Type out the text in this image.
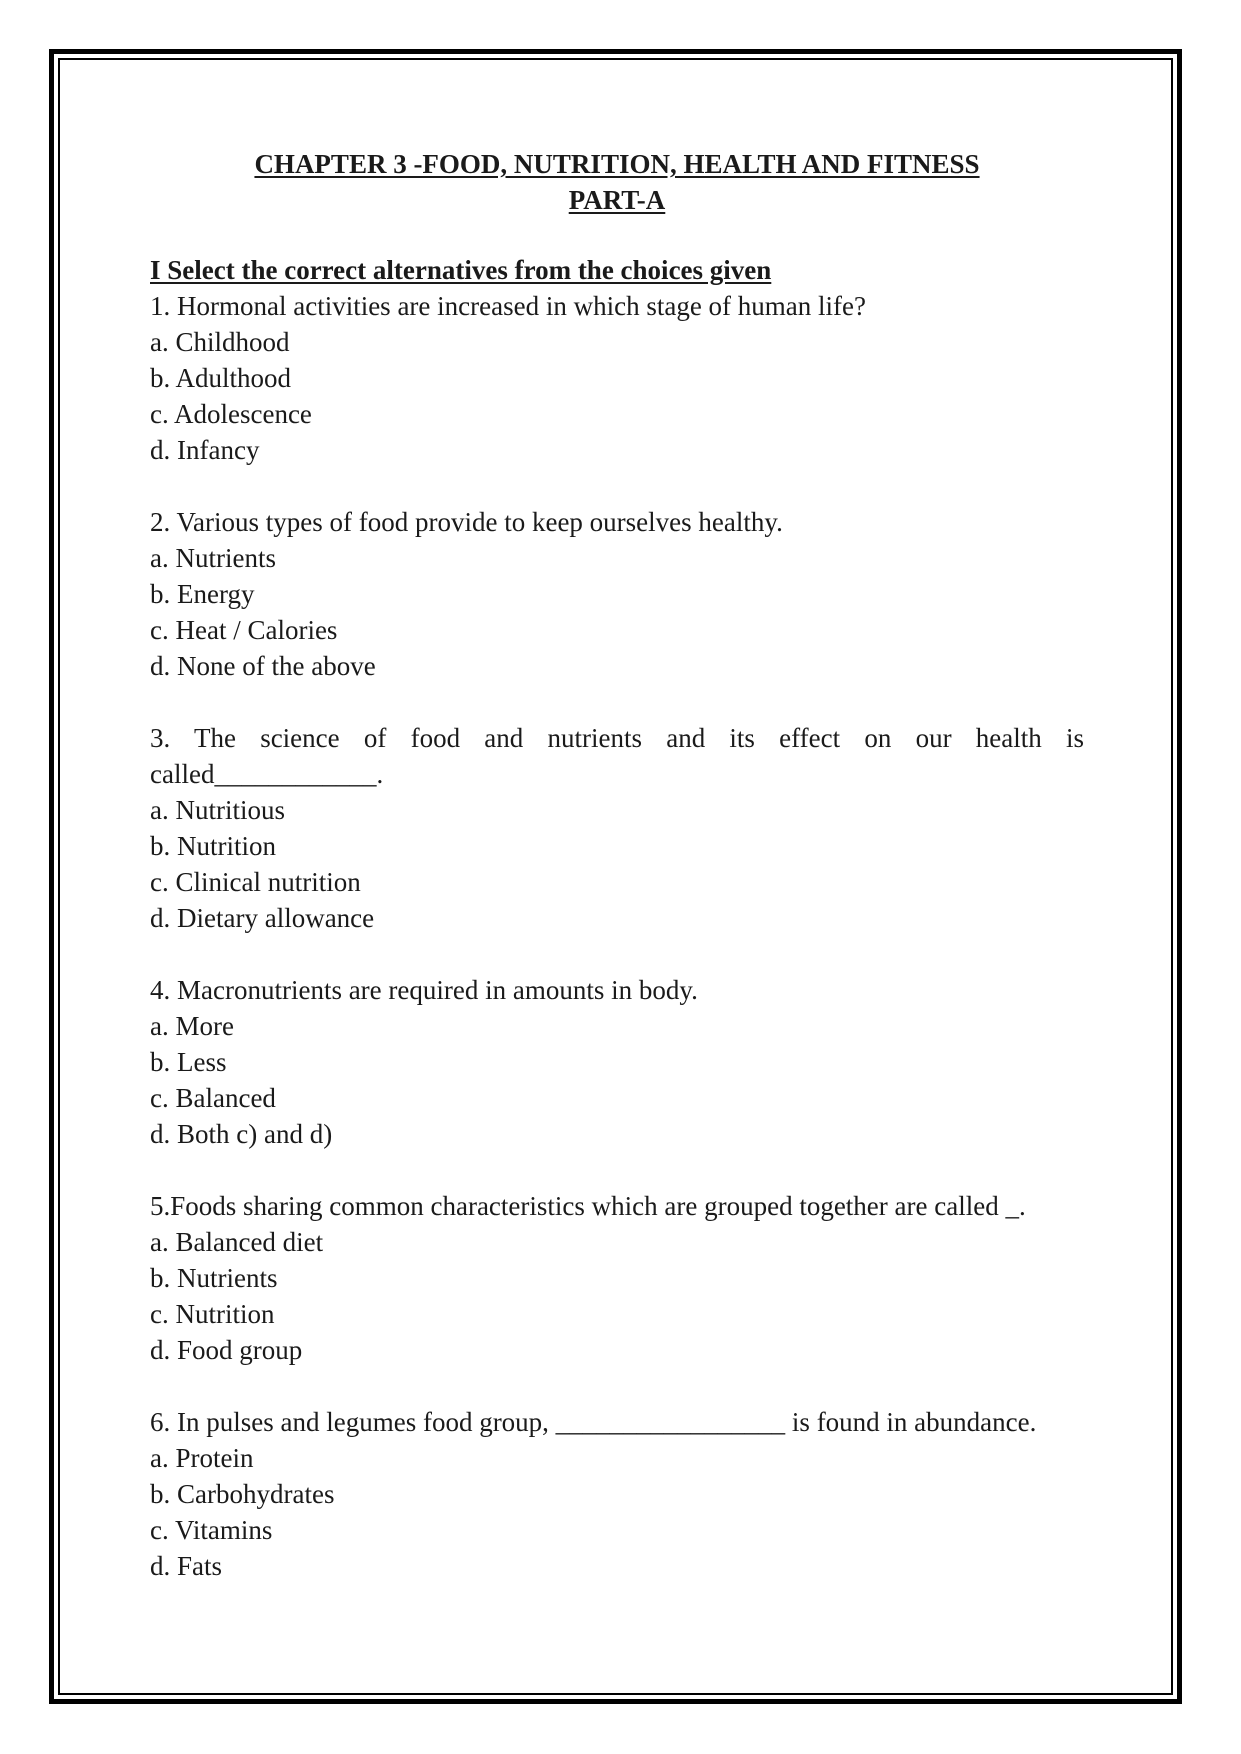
CHAPTER 3 -FOOD, NUTRITION, HEALTH AND FITNESS

PART-A

I Select the correct alternatives from the choices given

1. Hormonal activities are increased in which stage of human life?

a. Childhood

b. Adulthood

c. Adolescence

d. Infancy

2. Various types of food provide to keep ourselves healthy.

a. Nutrients

b. Energy

c. Heat / Calories

d. None of the above

3. The science of food and nutrients and its effect on our health is called____________.

a. Nutritious

b. Nutrition

c. Clinical nutrition

d. Dietary allowance

4. Macronutrients are required in amounts in body.

a. More

b. Less

c. Balanced

d. Both c) and d)

5.Foods sharing common characteristics which are grouped together are called _.

a. Balanced diet

b. Nutrients

c. Nutrition

d. Food group

6. In pulses and legumes food group, _________________ is found in abundance.

a. Protein

b. Carbohydrates

c. Vitamins

d. Fats
